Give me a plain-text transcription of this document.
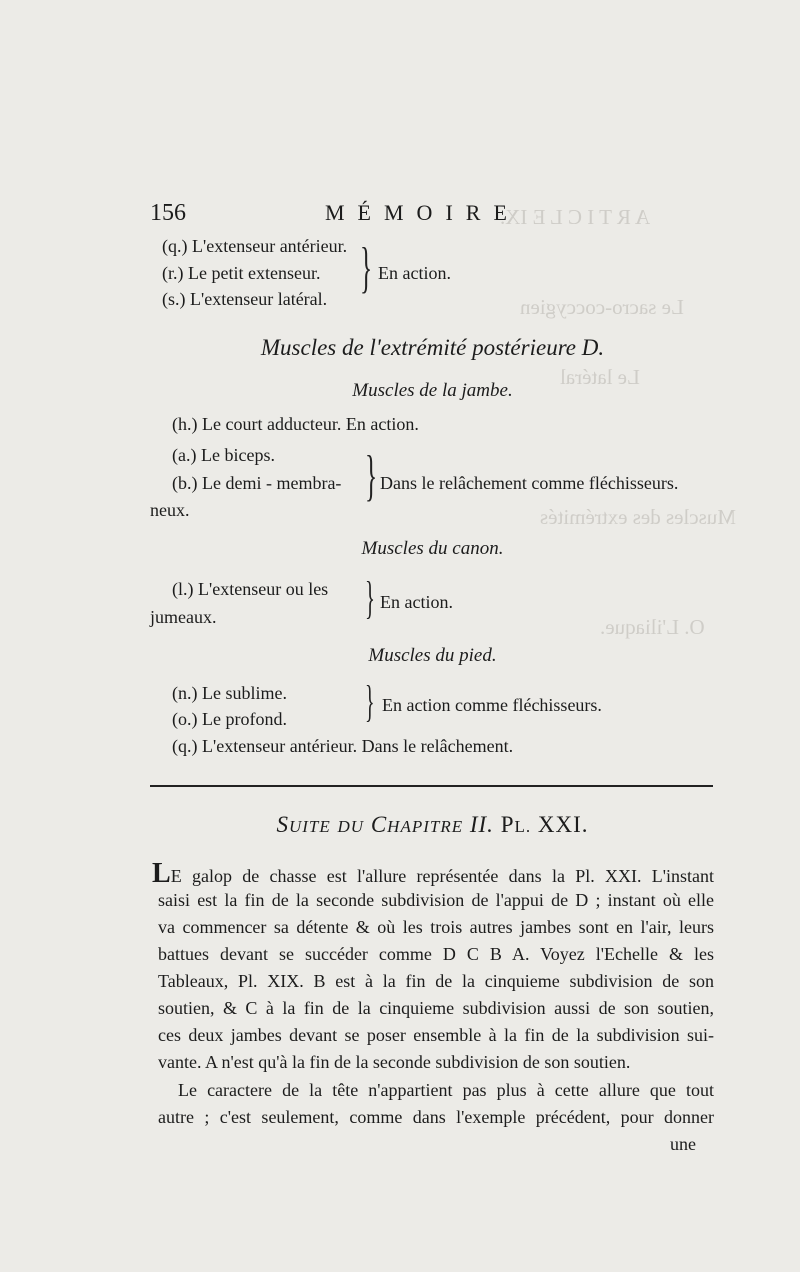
A R T I C L E IX.
Le sacro-coccygien
Le latéral
Muscles des extrémités
O. L'iliaque.
156	MÉMOIRE
(q.) L'extenseur antérieur.
(r.) Le petit extenseur.
(s.) L'extenseur latéral. } En action.
Muscles de l'extrémité postérieure D.
Muscles de la jambe.
(h.) Le court adducteur. En action.
(a.) Le biceps.
(b.) Le demi - membra-
neux.
} Dans le relâchement comme fléchisseurs.
Muscles du canon.
(l.) L'extenseur ou les
jumeaux.	} En action.
Muscles du pied.
(n.) Le sublime.
(o.) Le profond. } En action comme fléchisseurs.
(q.) L'extenseur antérieur. Dans le relâchement.
SUITE DU CHAPITRE II. PL. XXI.
LE galop de chasse est l'allure représentée dans la Pl. XXI. L'instant
saisi est la fin de la seconde subdivision de l'appui de D ; instant où elle
va commencer sa détente & où les trois autres jambes sont en l'air, leurs
battues devant se succéder comme D C B A. Voyez l'Echelle & les
Tableaux, Pl. XIX. B est à la fin de la cinquieme subdivision de son
soutien, & C à la fin de la cinquieme subdivision aussi de son soutien,
ces deux jambes devant se poser ensemble à la fin de la subdivision sui-
vante. A n'est qu'à la fin de la seconde subdivision de son soutien.
Le caractere de la tête n'appartient pas plus à cette allure que tout
autre ; c'est seulement, comme dans l'exemple précédent, pour donner
une
